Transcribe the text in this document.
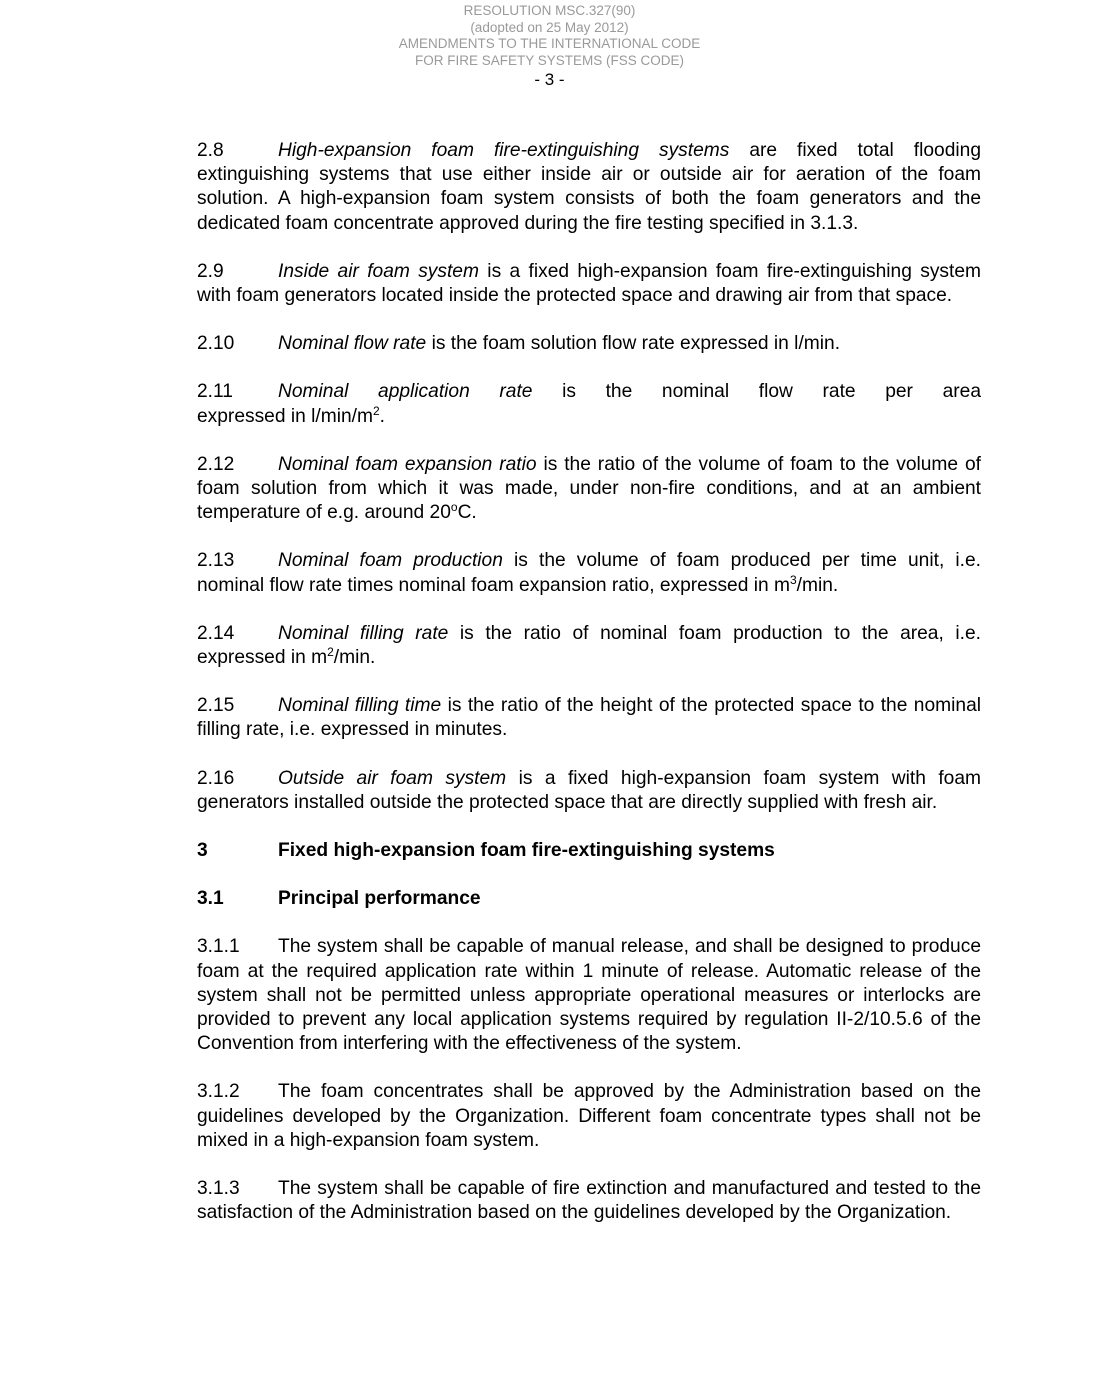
RESOLUTION MSC.327(90)
(adopted on 25 May 2012)
AMENDMENTS TO THE INTERNATIONAL CODE
FOR FIRE SAFETY SYSTEMS (FSS CODE)
- 3 -

2.8	High-expansion foam fire-extinguishing systems are fixed total flooding extinguishing systems that use either inside air or outside air for aeration of the foam solution. A high-expansion foam system consists of both the foam generators and the dedicated foam concentrate approved during the fire testing specified in 3.1.3.

2.9	Inside air foam system is a fixed high-expansion foam fire-extinguishing system with foam generators located inside the protected space and drawing air from that space.

2.10 Nominal flow rate is the foam solution flow rate expressed in l/min.

2.11 Nominal application rate is the nominal flow rate per area
expressed in $l/\min/m^2$.

2.12 Nominal foam expansion ratio is the ratio of the volume of foam to the volume of foam solution from which it was made, under non-fire conditions, and at an ambient temperature of e.g. around 20$^o$C.

2.13 Nominal foam production is the volume of foam produced per time unit, i.e. nominal flow rate times nominal foam expansion ratio, expressed in $m^3/\min$.

2.14 Nominal filling rate is the ratio of nominal foam production to the area, i.e. expressed in $m^2/\min$.

2.15 Nominal filling time is the ratio of the height of the protected space to the nominal filling rate, i.e. expressed in minutes.

2.16 Outside air foam system is a fixed high-expansion foam system with foam generators installed outside the protected space that are directly supplied with fresh air.

3	Fixed high-expansion foam fire-extinguishing systems
3.1	Principal performance

3.1.1 The system shall be capable of manual release, and shall be designed to produce foam at the required application rate within 1 minute of release. Automatic release of the system shall not be permitted unless appropriate operational measures or interlocks are provided to prevent any local application systems required by regulation II-2/10.5.6 of the Convention from interfering with the effectiveness of the system.

3.1.2 The foam concentrates shall be approved by the Administration based on the guidelines developed by the Organization. Different foam concentrate types shall not be mixed in a high-expansion foam system.

3.1.3 The system shall be capable of fire extinction and manufactured and tested to the satisfaction of the Administration based on the guidelines developed by the Organization.
